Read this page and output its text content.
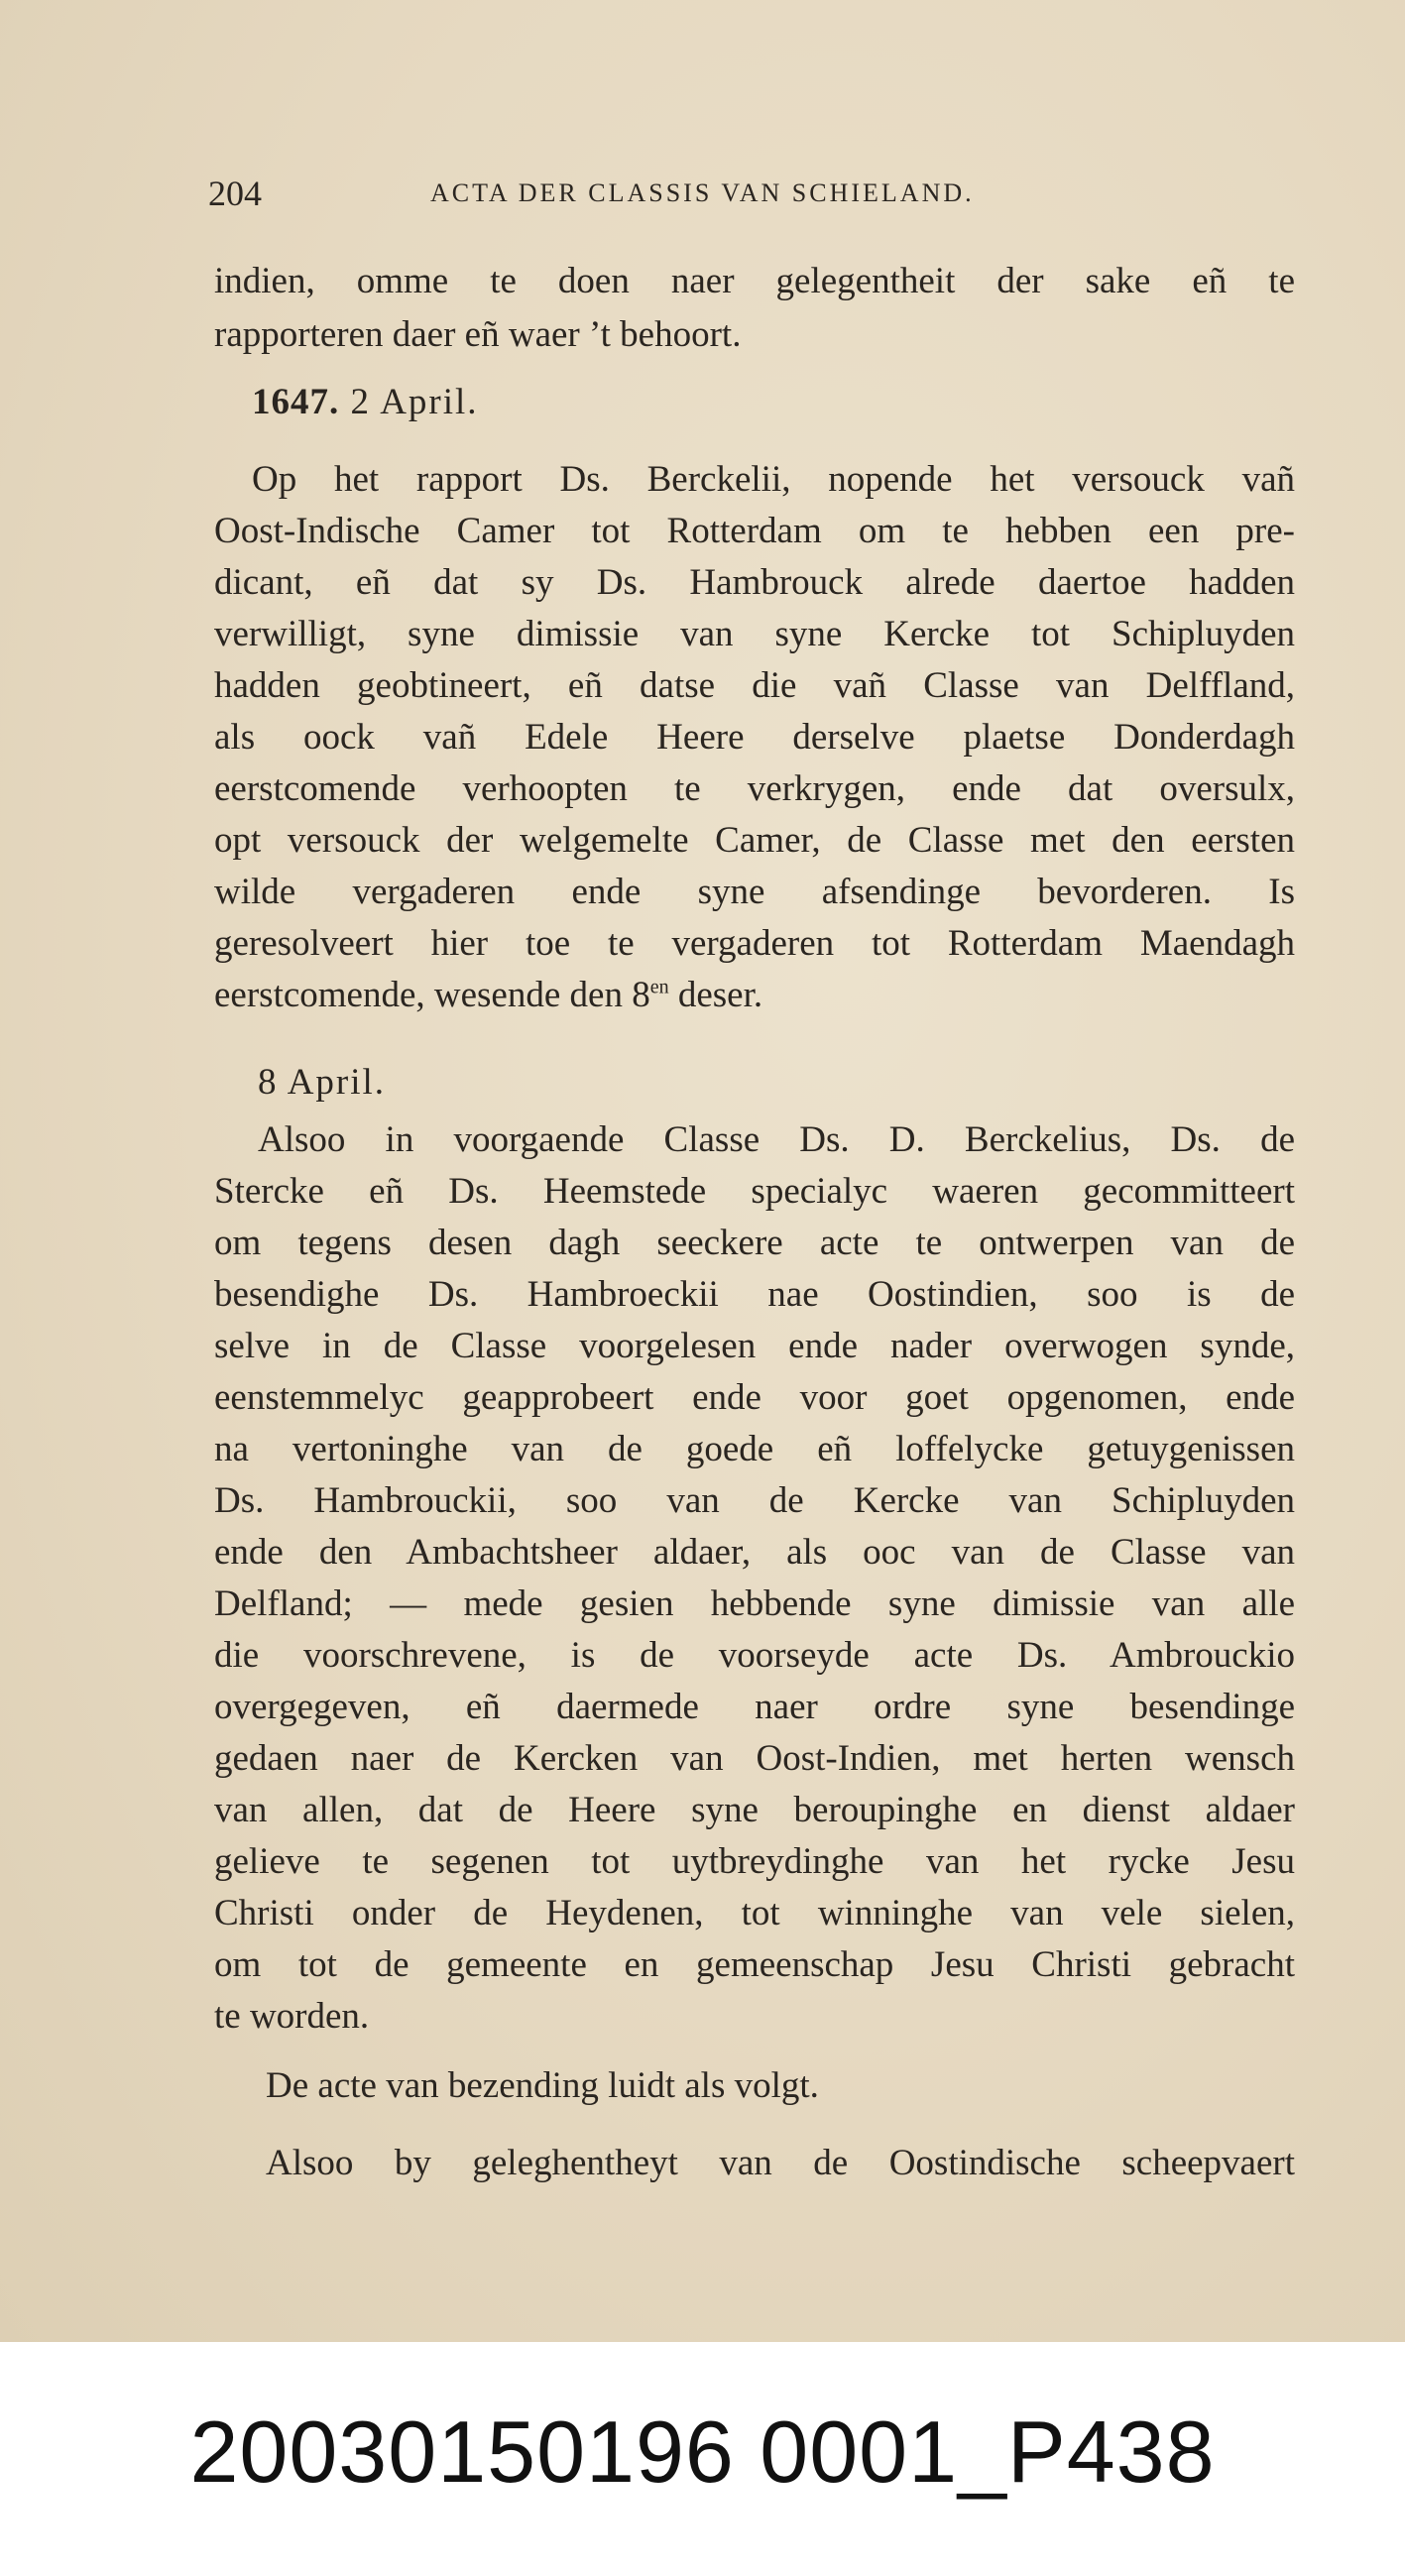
204	ACTA DER CLASSIS VAN SCHIELAND.
indien, omme te doen naer gelegentheit der sake eñ te
rapporteren daer eñ waer ’t behoort.
1647. 2 April.
Op het rapport Ds. Berckelii, nopende het versouck vañ
Oost-Indische Camer tot Rotterdam om te hebben een pre-
dicant, eñ dat sy Ds. Hambrouck alrede daertoe hadden
verwilligt, syne dimissie van syne Kercke tot Schipluyden
hadden geobtineert, eñ datse die vañ Classe van Delffland,
als oock vañ Edele Heere derselve plaetse Donderdagh
eerstcomende verhoopten te verkrygen, ende dat oversulx,
opt versouck der welgemelte Camer, de Classe met den eersten
wilde vergaderen ende syne afsendinge bevorderen. Is
geresolveert hier toe te vergaderen tot Rotterdam Maendagh
eerstcomende, wesende den $8^{en}$ deser.
8 April.
Alsoo in voorgaende Classe Ds. D. Berckelius, Ds. de
Stercke eñ Ds. Heemstede specialyc waeren gecommitteert
om tegens desen dagh seeckere acte te ontwerpen van de
besendighe Ds. Hambroeckii nae Oostindien, soo is de
selve in de Classe voorgelesen ende nader overwogen synde,
eenstemmelyc geapprobeert ende voor goet opgenomen, ende
na vertoninghe van de goede eñ loffelycke getuygenissen
Ds. Hambrouckii, soo van de Kercke van Schipluyden
ende den Ambachtsheer aldaer, als ooc van de Classe van
Delfland; — mede gesien hebbende syne dimissie van alle
die voorschrevene, is de voorseyde acte Ds. Ambrouckio
overgegeven, eñ daermede naer ordre syne besendinge
gedaen naer de Kercken van Oost-Indien, met herten wensch
van allen, dat de Heere syne beroupinghe en dienst aldaer
gelieve te segenen tot uytbreydinghe van het rycke Jesu
Christi onder de Heydenen, tot winninghe van vele sielen,
om tot de gemeente en gemeenschap Jesu Christi gebracht
te worden.
De acte van bezending luidt als volgt.
Alsoo by geleghentheyt van de Oostindische scheepvaert
20030150196 0001_P438
